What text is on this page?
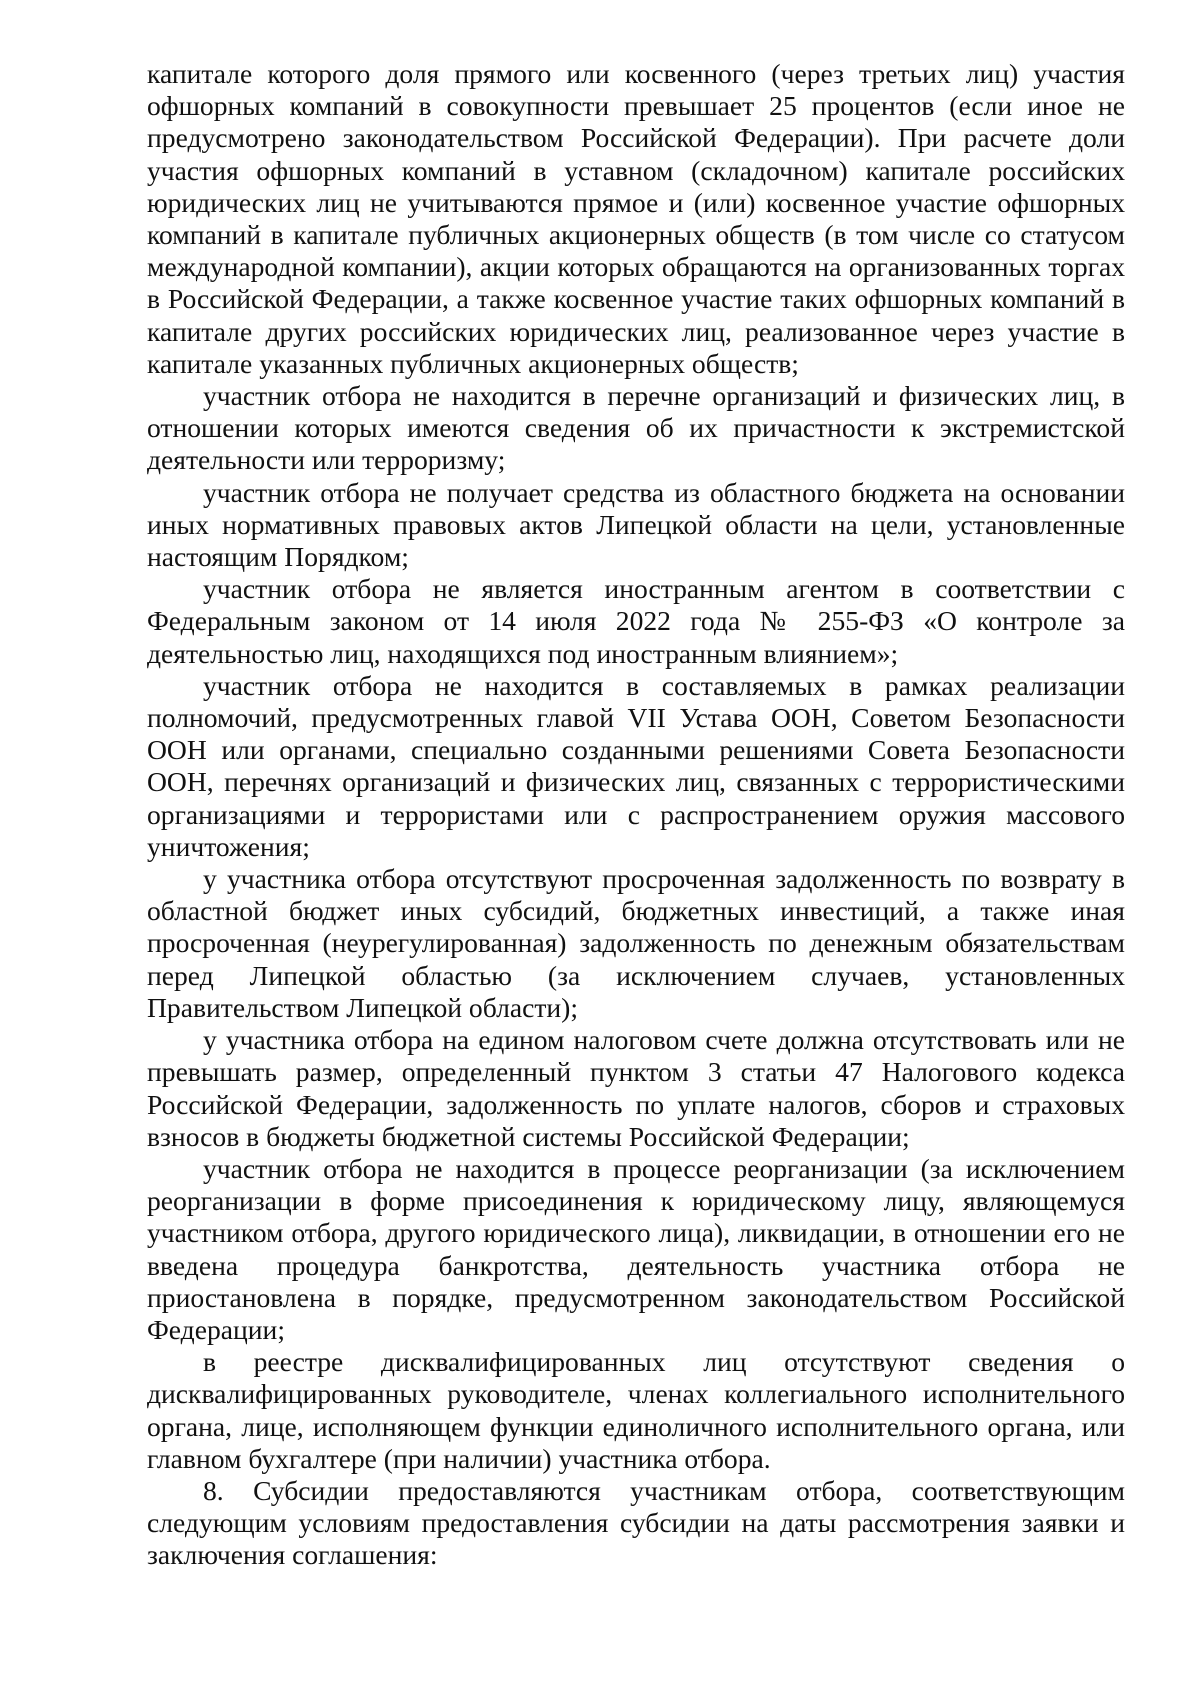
капитале которого доля прямого или косвенного (через третьих лиц) участия офшорных компаний в совокупности превышает 25 процентов (если иное не предусмотрено законодательством Российской Федерации). При расчете доли участия офшорных компаний в уставном (складочном) капитале российских юридических лиц не учитываются прямое и (или) косвенное участие офшорных компаний в капитале публичных акционерных обществ (в том числе со статусом международной компании), акции которых обращаются на организованных торгах в Российской Федерации, а также косвенное участие таких офшорных компаний в капитале других российских юридических лиц, реализованное через участие в капитале указанных публичных акционерных обществ;

участник отбора не находится в перечне организаций и физических лиц, в отношении которых имеются сведения об их причастности к экстремистской деятельности или терроризму;

участник отбора не получает средства из областного бюджета на основании иных нормативных правовых актов Липецкой области на цели, установленные настоящим Порядком;

участник отбора не является иностранным агентом в соответствии с Федеральным законом от 14 июля 2022 года № 255-ФЗ «О контроле за деятельностью лиц, находящихся под иностранным влиянием»;

участник отбора не находится в составляемых в рамках реализации полномочий, предусмотренных главой VII Устава ООН, Советом Безопасности ООН или органами, специально созданными решениями Совета Безопасности ООН, перечнях организаций и физических лиц, связанных с террористическими организациями и террористами или с распространением оружия массового уничтожения;

у участника отбора отсутствуют просроченная задолженность по возврату в областной бюджет иных субсидий, бюджетных инвестиций, а также иная просроченная (неурегулированная) задолженность по денежным обязательствам перед Липецкой областью (за исключением случаев, установленных Правительством Липецкой области);

у участника отбора на едином налоговом счете должна отсутствовать или не превышать размер, определенный пунктом 3 статьи 47 Налогового кодекса Российской Федерации, задолженность по уплате налогов, сборов и страховых взносов в бюджеты бюджетной системы Российской Федерации;

участник отбора не находится в процессе реорганизации (за исключением реорганизации в форме присоединения к юридическому лицу, являющемуся участником отбора, другого юридического лица), ликвидации, в отношении его не введена процедура банкротства, деятельность участника отбора не приостановлена в порядке, предусмотренном законодательством Российской Федерации;

в реестре дисквалифицированных лиц отсутствуют сведения о дисквалифицированных руководителе, членах коллегиального исполнительного органа, лице, исполняющем функции единоличного исполнительного органа, или главном бухгалтере (при наличии) участника отбора.

8. Субсидии предоставляются участникам отбора, соответствующим следующим условиям предоставления субсидии на даты рассмотрения заявки и заключения соглашения:
